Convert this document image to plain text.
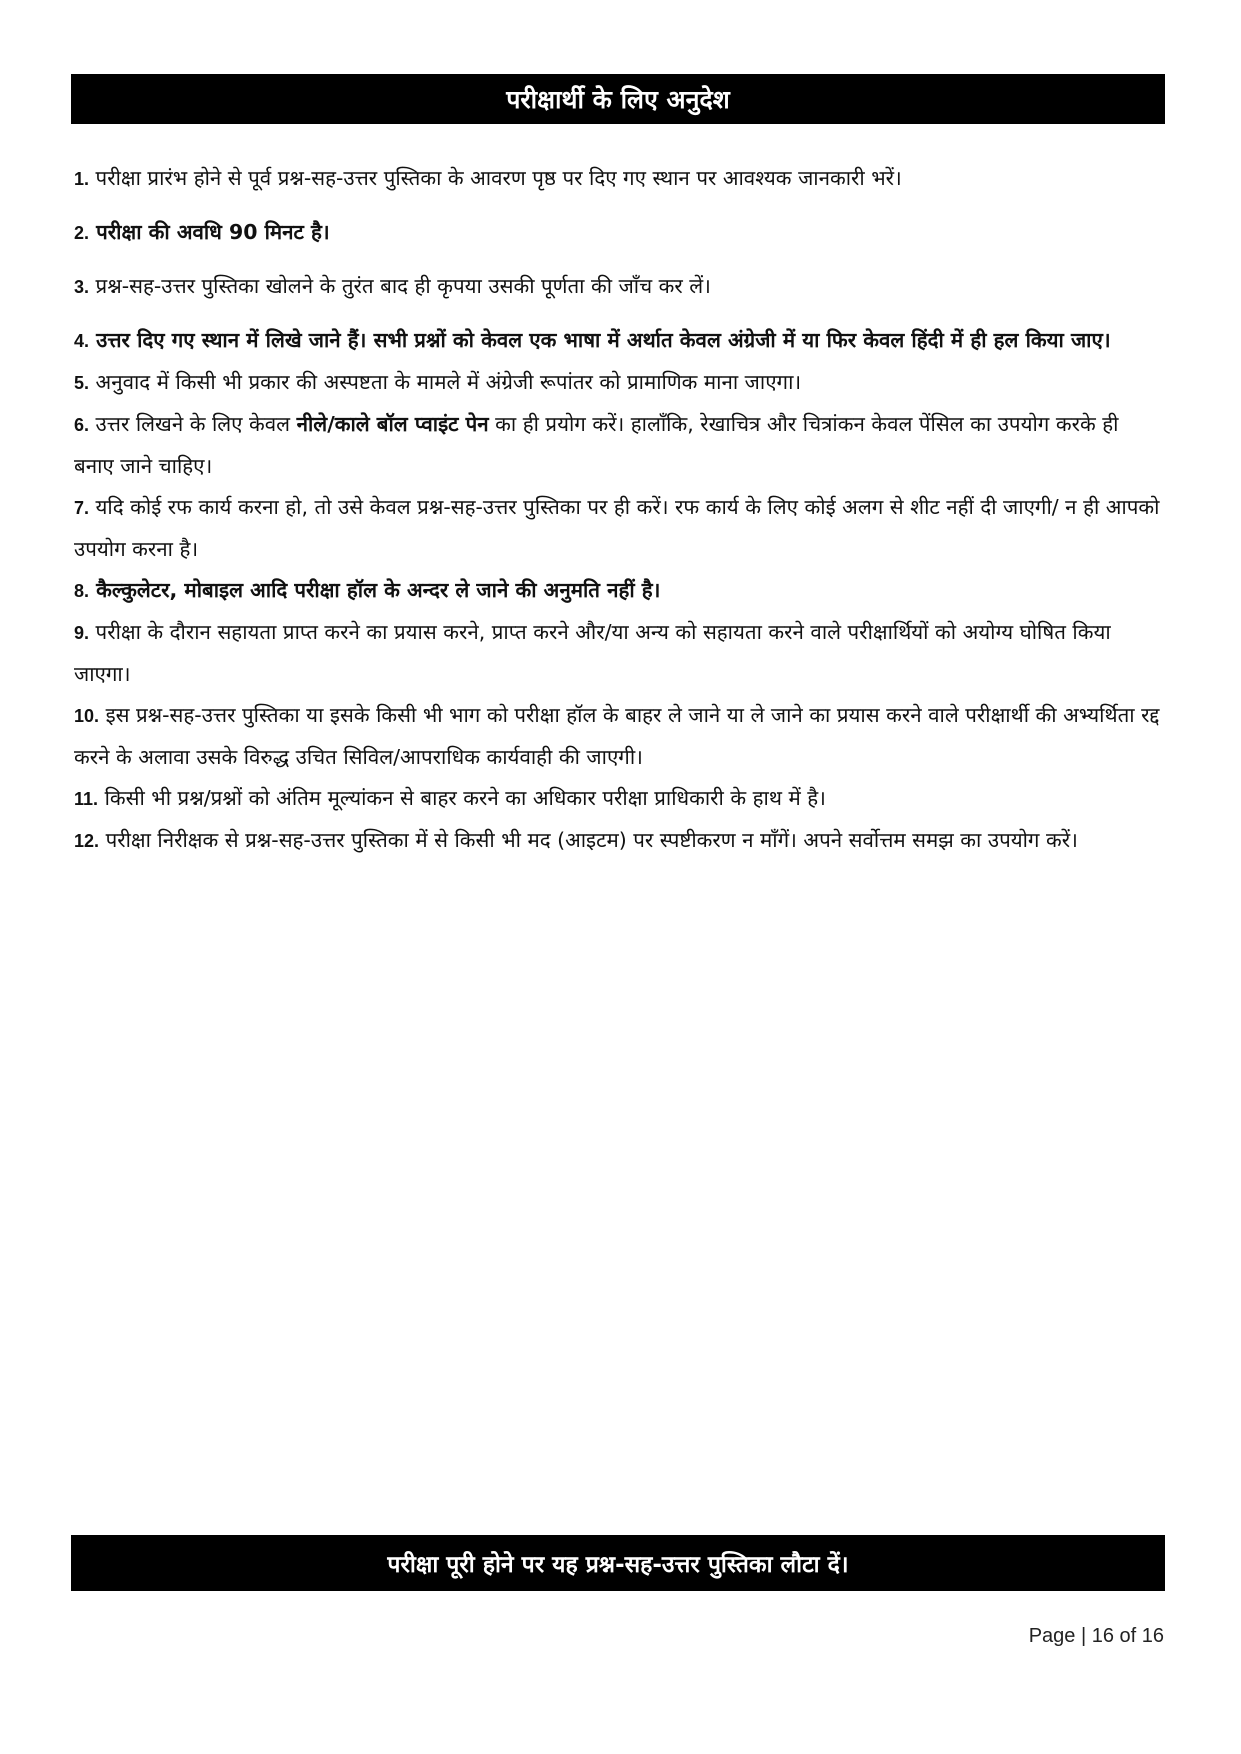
परीक्षार्थी के लिए अनुदेश
1. परीक्षा प्रारंभ होने से पूर्व प्रश्न-सह-उत्तर पुस्तिका के आवरण पृष्ठ पर दिए गए स्थान पर आवश्यक जानकारी भरें।
2. परीक्षा की अवधि 90 मिनट है।
3. प्रश्न-सह-उत्तर पुस्तिका खोलने के तुरंत बाद ही कृपया उसकी पूर्णता की जाँच कर लें।
4. उत्तर दिए गए स्थान में लिखे जाने हैं। सभी प्रश्नों को केवल एक भाषा में अर्थात केवल अंग्रेजी में या फिर केवल हिंदी में ही हल किया जाए।
5. अनुवाद में किसी भी प्रकार की अस्पष्टता के मामले में अंग्रेजी रूपांतर को प्रामाणिक माना जाएगा।
6. उत्तर लिखने के लिए केवल नीले/काले बॉल प्वाइंट पेन का ही प्रयोग करें। हालाँकि, रेखाचित्र और चित्रांकन केवल पेंसिल का उपयोग करके ही बनाए जाने चाहिए।
7. यदि कोई रफ कार्य करना हो, तो उसे केवल प्रश्न-सह-उत्तर पुस्तिका पर ही करें। रफ कार्य के लिए कोई अलग से शीट नहीं दी जाएगी/ न ही आपको उपयोग करना है।
8. कैल्कुलेटर, मोबाइल आदि परीक्षा हॉल के अन्दर ले जाने की अनुमति नहीं है।
9. परीक्षा के दौरान सहायता प्राप्त करने का प्रयास करने, प्राप्त करने और/या अन्य को सहायता करने वाले परीक्षार्थियों को अयोग्य घोषित किया जाएगा।
10. इस प्रश्न-सह-उत्तर पुस्तिका या इसके किसी भी भाग को परीक्षा हॉल के बाहर ले जाने या ले जाने का प्रयास करने वाले परीक्षार्थी की अभ्यर्थिता रद्द करने के अलावा उसके विरुद्ध उचित सिविल/आपराधिक कार्यवाही की जाएगी।
11. किसी भी प्रश्न/प्रश्नों को अंतिम मूल्यांकन से बाहर करने का अधिकार परीक्षा प्राधिकारी के हाथ में है।
12. परीक्षा निरीक्षक से प्रश्न-सह-उत्तर पुस्तिका में से किसी भी मद (आइटम) पर स्पष्टीकरण न माँगें। अपने सर्वोत्तम समझ का उपयोग करें।
परीक्षा पूरी होने पर यह प्रश्न-सह-उत्तर पुस्तिका लौटा दें।
Page | 16 of 16
